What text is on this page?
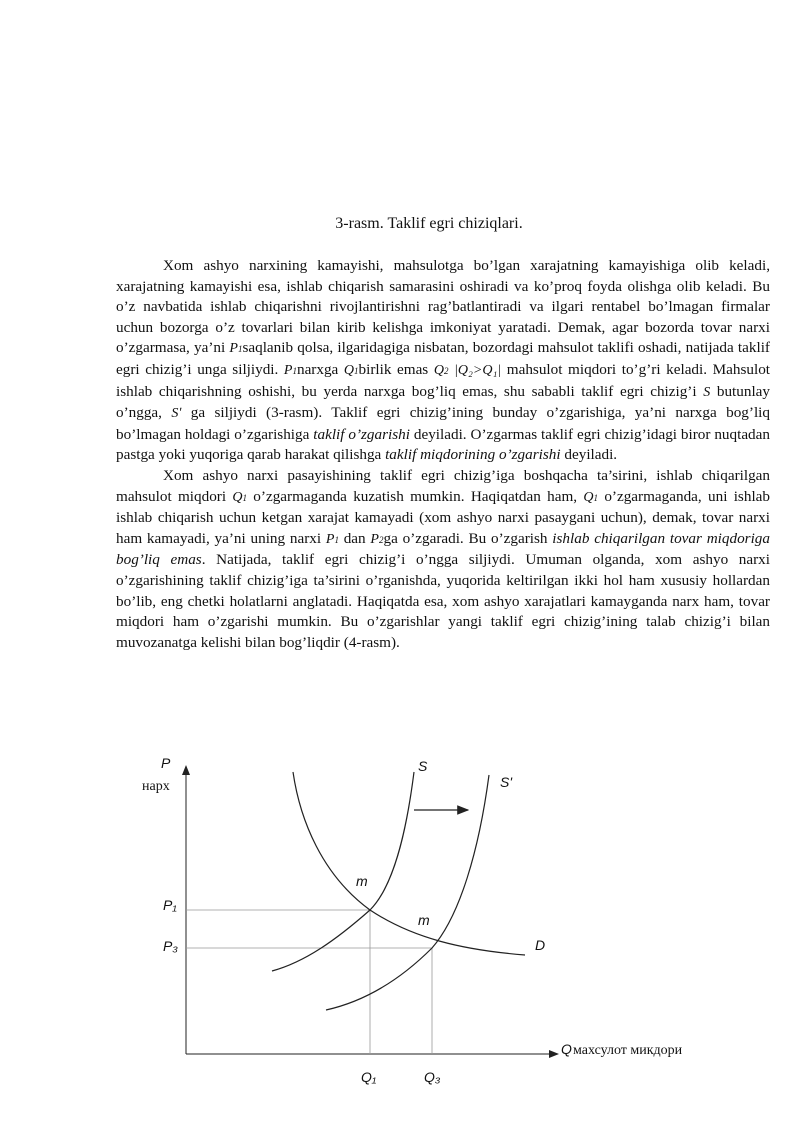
3-rasm. Taklif egri chiziqlari.

Xom ashyo narxining kamayishi, mahsulotga bo’lgan xarajatning kamayishiga olib keladi, xarajatning kamayishi esa, ishlab chiqarish samarasini oshiradi va ko’proq foyda olishga olib keladi. Bu o’z navbatida ishlab chiqarishni rivojlantirishni rag’batlantiradi va ilgari rentabel bo’lmagan firmalar uchun bozorga o’z tovarlari bilan kirib kelishga imkoniyat yaratadi. Demak, agar bozorda tovar narxi o’zgarmasa, ya’ni P1saqlanib qolsa, ilgaridagiga nisbatan, bozordagi mahsulot taklifi oshadi, natijada taklif egri chizig’i unga siljiydi. P1narxga Q1birlik emas Q2 |Q₂>Q₁| mahsulot miqdori to’g’ri keladi. Mahsulot ishlab chiqarishning oshishi, bu yerda narxga bog’liq emas, shu sababli taklif egri chizig’i S butunlay o’ngga, Sʹ ga siljiydi (3-rasm). Taklif egri chizig’ining bunday o’zgarishiga, ya’ni narxga bog’liq bo’lmagan holdagi o’zgarishiga taklif o’zgarishi deyiladi. O’zgarmas taklif egri chizig’idagi biror nuqtadan pastga yoki yuqoriga qarab harakat qilishga taklif miqdorining o’zgarishi deyiladi.

Xom ashyo narxi pasayishining taklif egri chizig’iga boshqacha ta’sirini, ishlab chiqarilgan mahsulot miqdori Q1 o’zgarmaganda kuzatish mumkin. Haqiqatdan ham, Q1 o’zgarmaganda, uni ishlab ishlab chiqarish uchun ketgan xarajat kamayadi (xom ashyo narxi pasaygani uchun), demak, tovar narxi ham kamayadi, ya’ni uning narxi P1 dan P2ga o’zgaradi. Bu o’zgarish ishlab chiqarilgan tovar miqdoriga bog’liq emas. Natijada, taklif egri chizig’i o’ngga siljiydi. Umuman olganda, xom ashyo narxi o’zgarishining taklif chizig’iga ta’sirini o’rganishda, yuqorida keltirilgan ikki hol ham xususiy hollardan bo’lib, eng chetki holatlarni anglatadi. Haqiqatda esa, xom ashyo xarajatlari kamayganda narx ham, tovar miqdori ham o’zgarishi mumkin. Bu o’zgarishlar yangi taklif egri chizig’ining talab chizig’i bilan muvozanatga kelishi bilan bog’liqdir (4-rasm).

P
нарх
S
Sʹ
D
m
m
P₁
P₃
Q₁	Q₃
Q махсулот микдори
